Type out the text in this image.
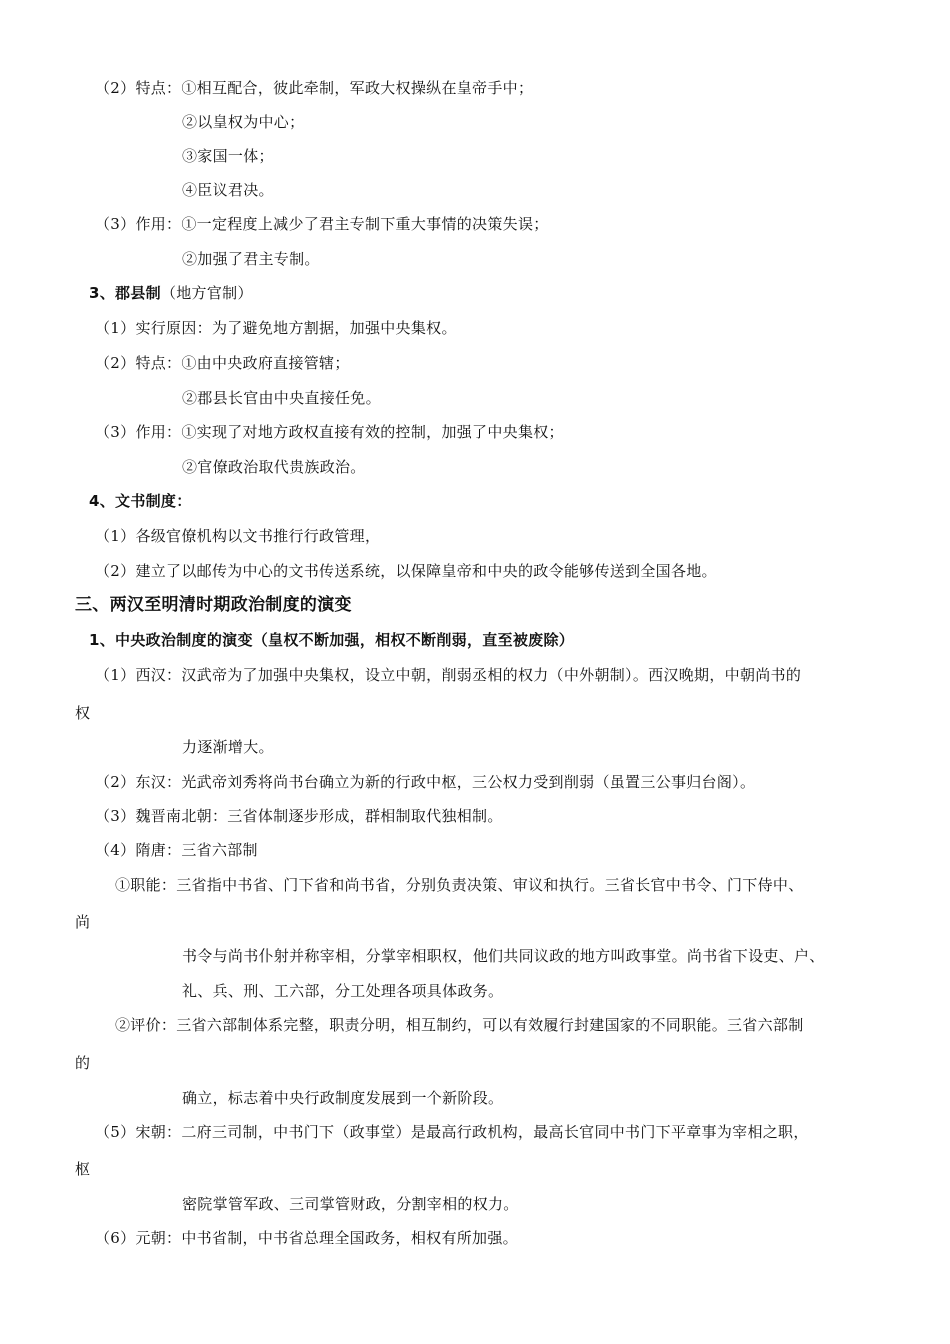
（2）特点：①相互配合，彼此牵制，军政大权操纵在皇帝手中；
②以皇权为中心；
③家国一体；
④臣议君决。
（3）作用：①一定程度上减少了君主专制下重大事情的决策失误；
②加强了君主专制。
3、郡县制（地方官制）
（1）实行原因：为了避免地方割据，加强中央集权。
（2）特点：①由中央政府直接管辖；
②郡县长官由中央直接任免。
（3）作用：①实现了对地方政权直接有效的控制，加强了中央集权；
②官僚政治取代贵族政治。
4、文书制度：
（1）各级官僚机构以文书推行行政管理，
（2）建立了以邮传为中心的文书传送系统，以保障皇帝和中央的政令能够传送到全国各地。
三、两汉至明清时期政治制度的演变
1、中央政治制度的演变（皇权不断加强，相权不断削弱，直至被废除）
（1）西汉：汉武帝为了加强中央集权，设立中朝，削弱丞相的权力（中外朝制）。西汉晚期，中朝尚书的
权
力逐渐增大。
（2）东汉：光武帝刘秀将尚书台确立为新的行政中枢，三公权力受到削弱（虽置三公事归台阁）。
（3）魏晋南北朝：三省体制逐步形成，群相制取代独相制。
（4）隋唐：三省六部制
①职能：三省指中书省、门下省和尚书省，分别负责决策、审议和执行。三省长官中书令、门下侍中、
尚
书令与尚书仆射并称宰相，分掌宰相职权，他们共同议政的地方叫政事堂。尚书省下设吏、户、
礼、兵、刑、工六部，分工处理各项具体政务。
②评价：三省六部制体系完整，职责分明，相互制约，可以有效履行封建国家的不同职能。三省六部制
的
确立，标志着中央行政制度发展到一个新阶段。
（5）宋朝：二府三司制，中书门下（政事堂）是最高行政机构，最高长官同中书门下平章事为宰相之职，
枢
密院掌管军政、三司掌管财政，分割宰相的权力。
（6）元朝：中书省制，中书省总理全国政务，相权有所加强。
